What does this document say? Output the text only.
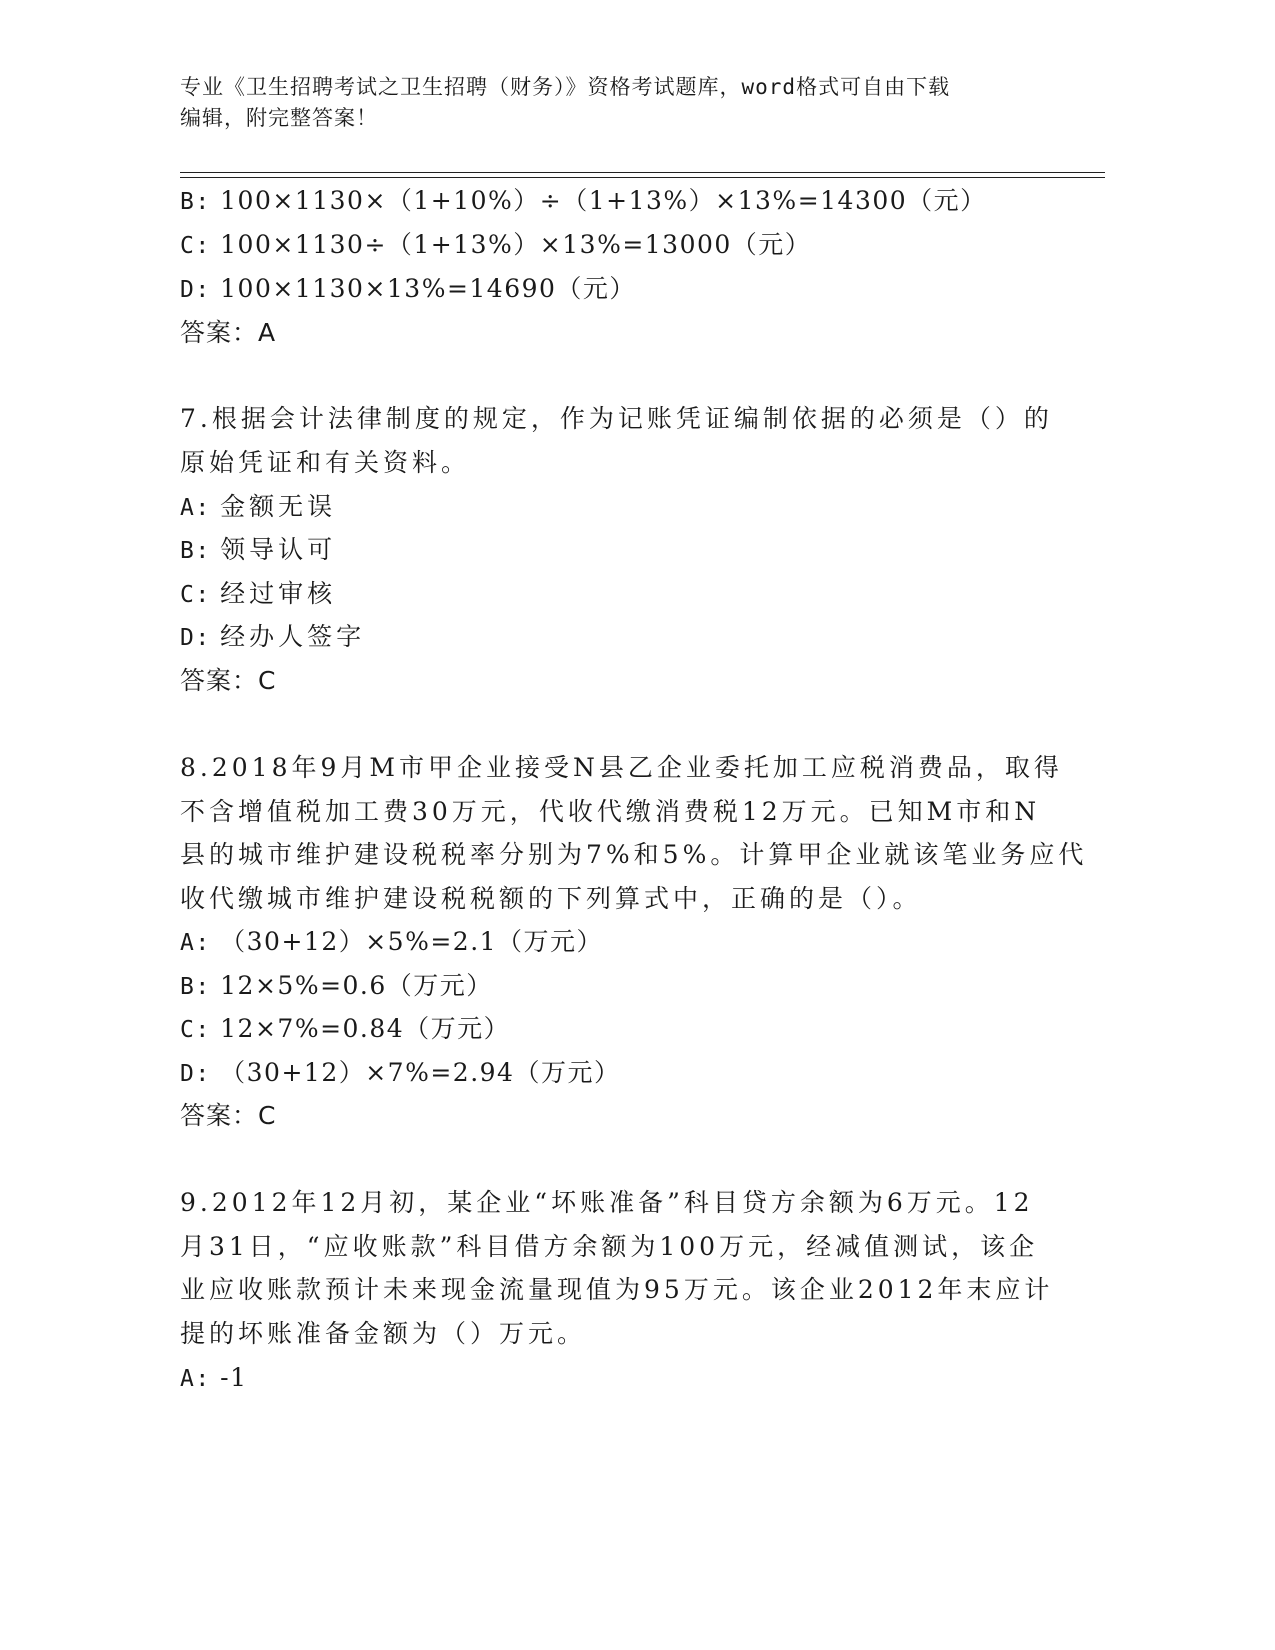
专业《卫生招聘考试之卫生招聘（财务）》资格考试题库，word格式可自由下载
编辑，附完整答案！
B: 100×1130×（1+10%）÷（1+13%）×13%=14300（元）
C: 100×1130÷（1+13%）×13%=13000（元）
D: 100×1130×13%=14690（元）
答案：A
7.根据会计法律制度的规定，作为记账凭证编制依据的必须是（）的
原始凭证和有关资料。
A: 金额无误
B: 领导认可
C: 经过审核
D: 经办人签字
答案：C
8.2018年9月M市甲企业接受N县乙企业委托加工应税消费品，取得
不含增值税加工费30万元，代收代缴消费税12万元。已知M市和N
县的城市维护建设税税率分别为7%和5%。计算甲企业就该笔业务应代
收代缴城市维护建设税税额的下列算式中，正确的是（）。
A: （30+12）×5%=2.1（万元）
B: 12×5%=0.6（万元）
C: 12×7%=0.84（万元）
D: （30+12）×7%=2.94（万元）
答案：C
9.2012年12月初，某企业“坏账准备”科目贷方余额为6万元。12
月31日，“应收账款”科目借方余额为100万元，经减值测试，该企
业应收账款预计未来现金流量现值为95万元。该企业2012年末应计
提的坏账准备金额为（）万元。
A: -1
